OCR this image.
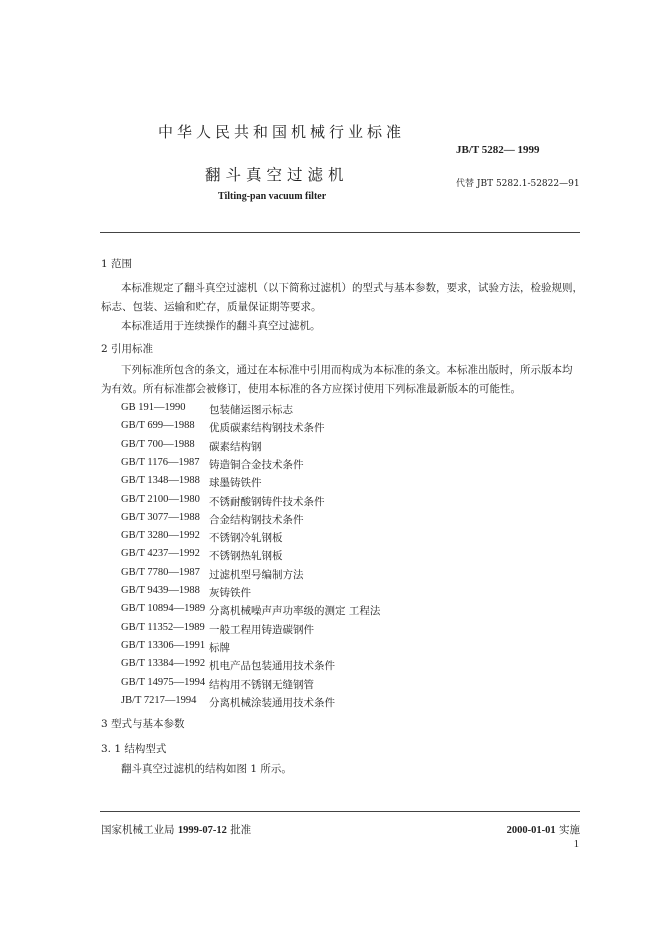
中华人民共和国机械行业标准
JB/T 5282— 1999
翻斗真空过滤机	代替 JBT 5282.1-52822—91
Tilting-pan vacuum filter
1 范围
本标准规定了翻斗真空过滤机（以下简称过滤机）的型式与基本参数，要求，试验方法，检验规则，
标志、包装、运输和贮存，质量保证期等要求。
本标准适用于连续操作的翻斗真空过滤机。
2 引用标准
下列标准所包含的条文，通过在本标准中引用而构成为本标准的条文。本标准出版时，所示版本均
为有效。所有标准都会被修订，使用本标准的各方应探讨使用下列标准最新版本的可能性。
GB 191—1990 包装储运图示标志
GB/T 699—1988 优质碳素结构钢技术条件
GB/T 700—1988 碳素结构钢
GB/T 1176—1987 铸造铜合金技术条件
GB/T 1348—1988 球墨铸铁件
GB/T 2100—1980 不锈耐酸钢铸件技术条件
GB/T 3077—1988 合金结构钢技术条件
GB/T 3280—1992 不锈钢冷轧钢板
GB/T 4237—1992 不锈钢热轧钢板
GB/T 7780—1987 过滤机型号编制方法
GB/T 9439—1988 灰铸铁件
GB/T 10894—1989 分离机械噪声声功率级的测定 工程法
GB/T 11352—1989 一般工程用铸造碳钢件
GB/T 13306—1991 标牌
GB/T 13384—1992 机电产品包装通用技术条件
GB/T 14975—1994 结构用不锈钢无缝钢管
JB/T 7217—1994 分离机械涂装通用技术条件
3 型式与基本参数
3. 1 结构型式
翻斗真空过滤机的结构如图 1 所示。
国家机械工业局 1999-07-12 批准	2000-01-01 实施
1
